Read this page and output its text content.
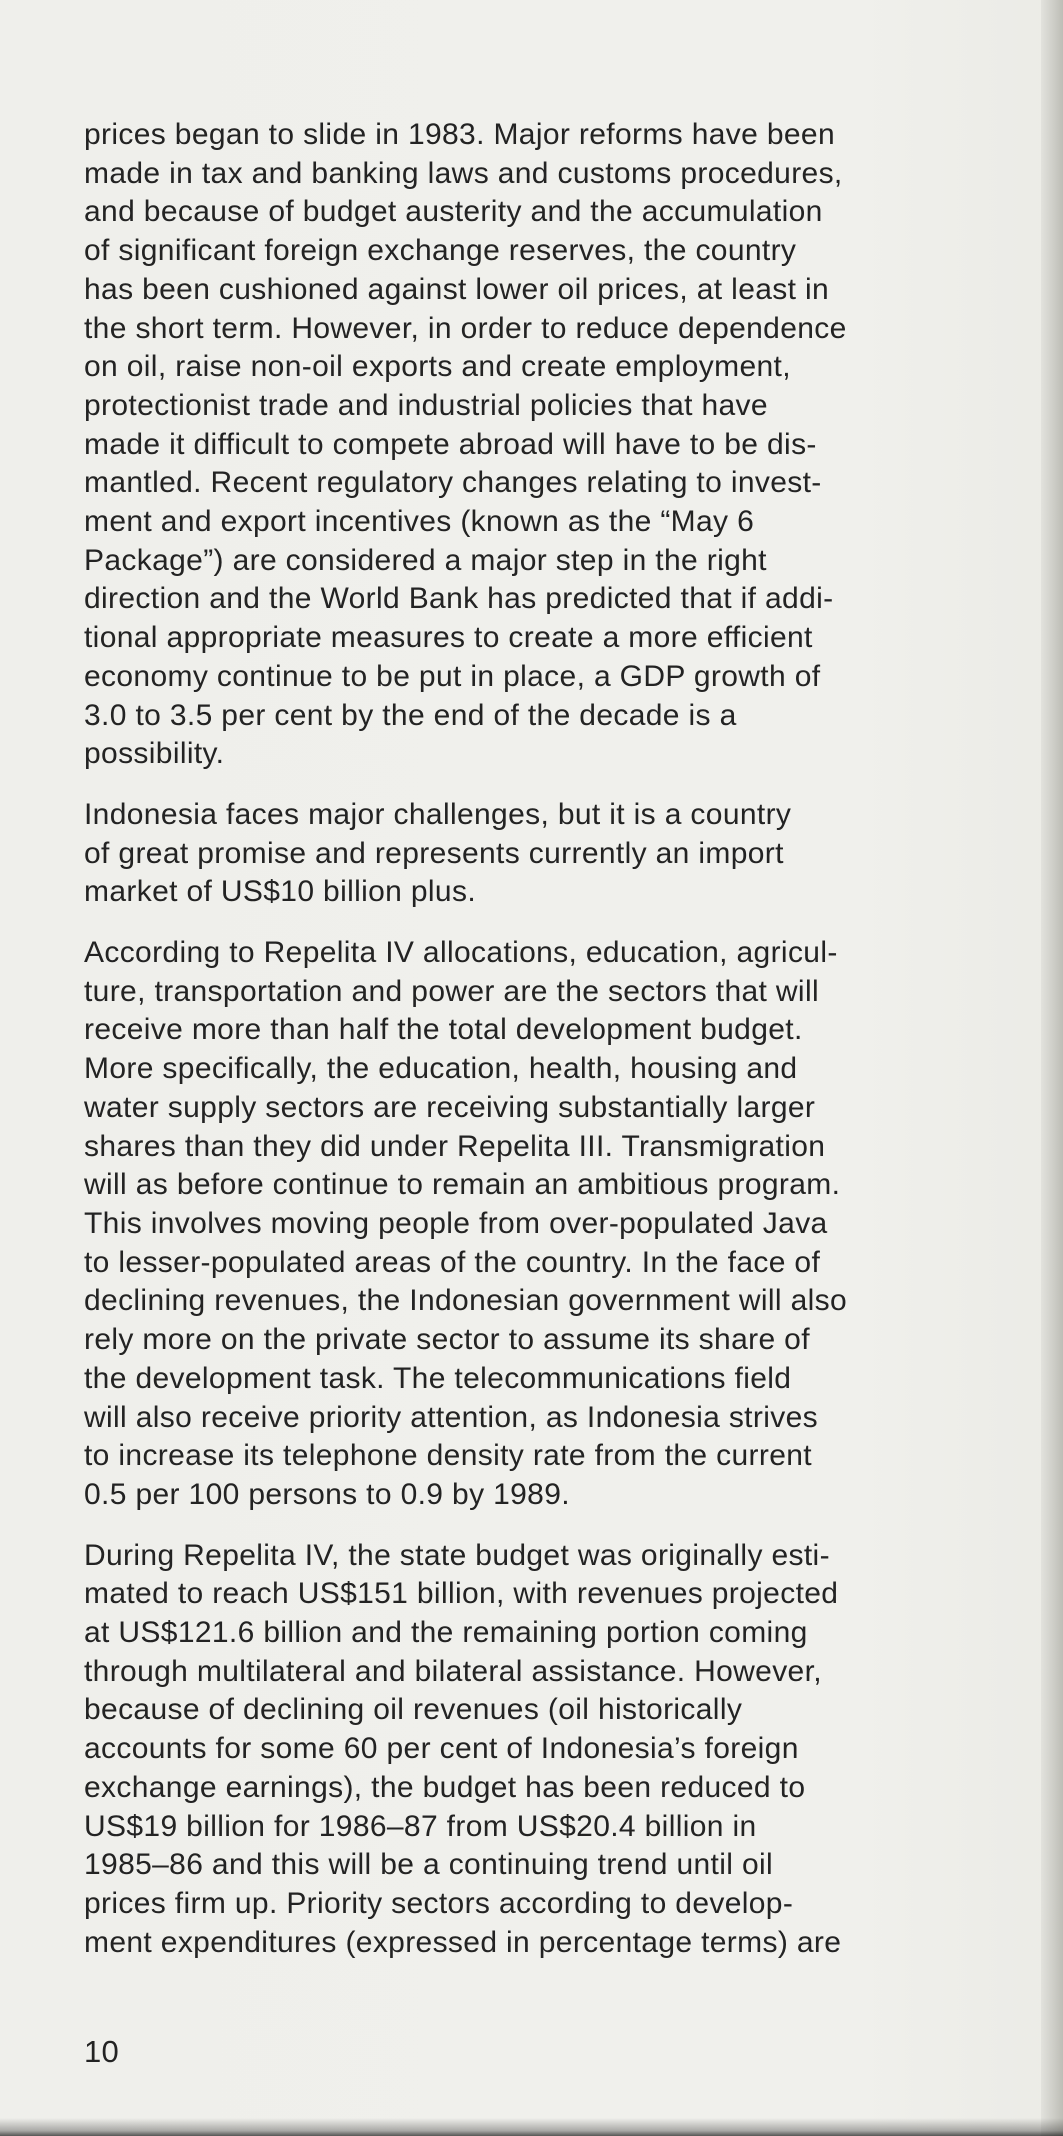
prices began to slide in 1983. Major reforms have been
made in tax and banking laws and customs procedures,
and because of budget austerity and the accumulation
of significant foreign exchange reserves, the country
has been cushioned against lower oil prices, at least in
the short term. However, in order to reduce dependence
on oil, raise non-oil exports and create employment,
protectionist trade and industrial policies that have
made it difficult to compete abroad will have to be dis-
mantled. Recent regulatory changes relating to invest-
ment and export incentives (known as the “May 6
Package”) are considered a major step in the right
direction and the World Bank has predicted that if addi-
tional appropriate measures to create a more efficient
economy continue to be put in place, a GDP growth of
3.0 to 3.5 per cent by the end of the decade is a
possibility.

Indonesia faces major challenges, but it is a country
of great promise and represents currently an import
market of US$10 billion plus.

According to Repelita IV allocations, education, agricul-
ture, transportation and power are the sectors that will
receive more than half the total development budget.
More specifically, the education, health, housing and
water supply sectors are receiving substantially larger
shares than they did under Repelita III. Transmigration
will as before continue to remain an ambitious program.
This involves moving people from over-populated Java
to lesser-populated areas of the country. In the face of
declining revenues, the Indonesian government will also
rely more on the private sector to assume its share of
the development task. The telecommunications field
will also receive priority attention, as Indonesia strives
to increase its telephone density rate from the current
0.5 per 100 persons to 0.9 by 1989.

During Repelita IV, the state budget was originally esti-
mated to reach US$151 billion, with revenues projected
at US$121.6 billion and the remaining portion coming
through multilateral and bilateral assistance. However,
because of declining oil revenues (oil historically
accounts for some 60 per cent of Indonesia’s foreign
exchange earnings), the budget has been reduced to
US$19 billion for 1986–87 from US$20.4 billion in
1985–86 and this will be a continuing trend until oil
prices firm up. Priority sectors according to develop-
ment expenditures (expressed in percentage terms) are

10
